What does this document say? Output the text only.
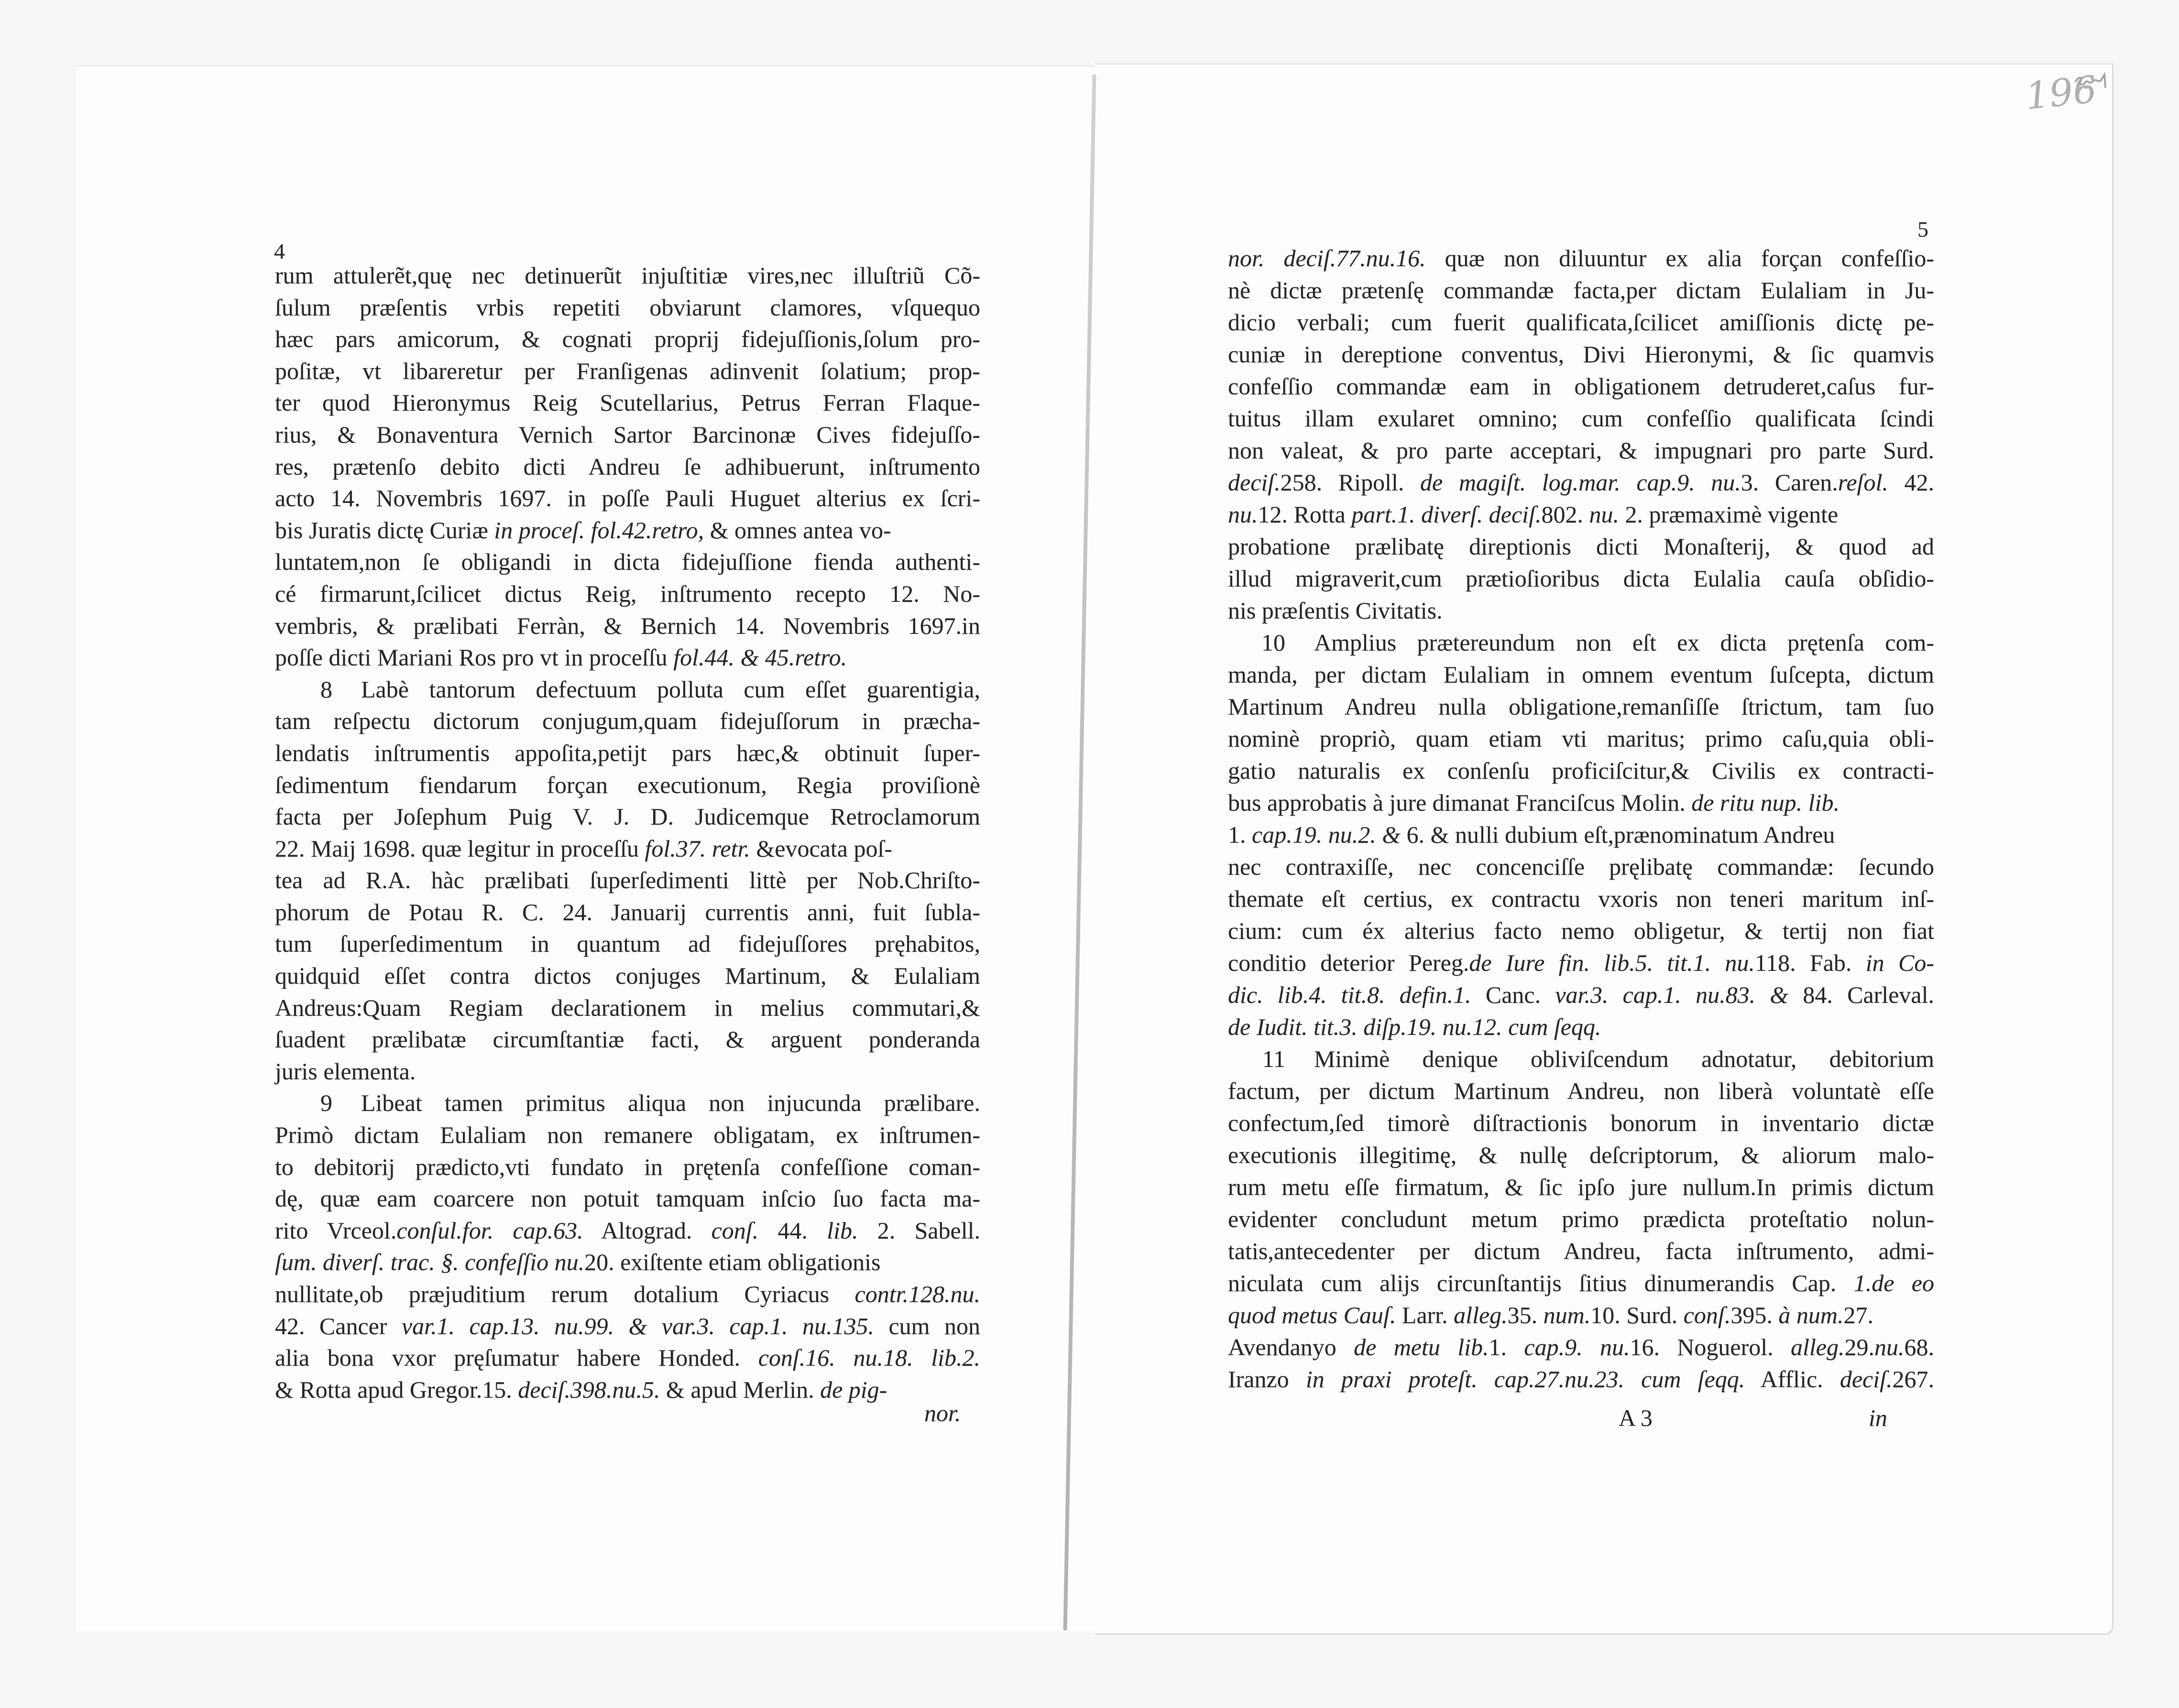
4
5
196
rum attulerẽt,quę nec detinuerũt injuſtitiæ vires,nec illuſtriũ Cõ-
ſulum præſentis vrbis repetiti obviarunt clamores, vſquequo
hæc pars amicorum, & cognati proprij fidejuſſionis,ſolum pro-
poſitæ, vt libareretur per Franſigenas adinvenit ſolatium; prop-
ter quod Hieronymus Reig Scutellarius, Petrus Ferran Flaque-
rius, & Bonaventura Vernich Sartor Barcinonæ Cives fidejuſſo-
res, prætenſo debito dicti Andreu ſe adhibuerunt, inſtrumento
acto 14. Novembris 1697. in poſſe Pauli Huguet alterius ex ſcri-
bis Juratis dictę Curiæ in proceſ. fol.42.retro, & omnes antea vo-
luntatem,non ſe obligandi in dicta fidejuſſione fienda authenti-
cé firmarunt,ſcilicet dictus Reig, inſtrumento recepto 12. No-
vembris, & prælibati Ferràn, & Bernich 14. Novembris 1697.in
poſſe dicti Mariani Ros pro vt in proceſſu fol.44. & 45.retro.
8	Labè tantorum defectuum polluta cum eſſet guarentigia,
tam reſpectu dictorum conjugum,quam fidejuſſorum in præcha-
lendatis inſtrumentis appoſita,petijt pars hæc,& obtinuit ſuper-
ſedimentum fiendarum forçan executionum, Regia proviſionè
facta per Joſephum Puig V. J. D. Judicemque Retroclamorum
22. Maij 1698. quæ legitur in proceſſu fol.37. retr. &evocata poſ-
tea ad R.A. hàc prælibati ſuperſedimenti littè per Nob.Chriſto-
phorum de Potau R. C. 24. Januarij currentis anni, fuit ſubla-
tum ſuperſedimentum in quantum ad fidejuſſores pręhabitos,
quidquid eſſet contra dictos conjuges Martinum, & Eulaliam
Andreus:Quam Regiam declarationem in melius commutari,&
ſuadent prælibatæ circumſtantiæ facti, & arguent ponderanda
juris elementa.
9	Libeat tamen primitus aliqua non injucunda prælibare.
Primò dictam Eulaliam non remanere obligatam, ex inſtrumen-
to debitorij prædicto,vti fundato in prętenſa confeſſione coman-
dę, quæ eam coarcere non potuit tamquam inſcio ſuo facta ma-
rito Vrceol.conſul.for. cap.63. Altograd. conſ. 44. lib. 2. Sabell.
ſum. diverſ. trac. §. confeſſio nu.20. exiſtente etiam obligationis
nullitate,ob præjuditium rerum dotalium Cyriacus contr.128.nu.
42. Cancer var.1. cap.13. nu.99. & var.3. cap.1. nu.135. cum non
alia bona vxor pręſumatur habere Honded. conſ.16. nu.18. lib.2.
& Rotta apud Gregor.15. deciſ.398.nu.5. & apud Merlin. de pig-
nor. deciſ.77.nu.16. quæ non diluuntur ex alia forçan confeſſio-
nè dictæ prætenſę commandæ facta,per dictam Eulaliam in Ju-
dicio verbali; cum fuerit qualificata,ſcilicet amiſſionis dictę pe-
cuniæ in dereptione conventus, Divi Hieronymi, & ſic quamvis
confeſſio commandæ eam in obligationem detruderet,caſus fur-
tuitus illam exularet omnino; cum confeſſio qualificata ſcindi
non valeat, & pro parte acceptari, & impugnari pro parte Surd.
deciſ.258. Ripoll. de magiſt. log.mar. cap.9. nu.3. Caren.reſol. 42.
nu.12. Rotta part.1. diverſ. deciſ.802. nu. 2. præmaximè vigente
probatione prælibatę direptionis dicti Monaſterij, & quod ad
illud migraverit,cum prætioſioribus dicta Eulalia cauſa obſidio-
nis præſentis Civitatis.
10	Amplius prætereundum non eſt ex dicta prętenſa com-
manda, per dictam Eulaliam in omnem eventum ſuſcepta, dictum
Martinum Andreu nulla obligatione,remanſiſſe ſtrictum, tam ſuo
nominè propriò, quam etiam vti maritus; primo caſu,quia obli-
gatio naturalis ex conſenſu proficiſcitur,& Civilis ex contracti-
bus approbatis à jure dimanat Franciſcus Molin. de ritu nup. lib.
1. cap.19. nu.2. & 6. & nulli dubium eſt,prænominatum Andreu
nec contraxiſſe, nec concenciſſe pręlibatę commandæ: ſecundo
themate eſt certius, ex contractu vxoris non teneri maritum inſ-
cium: cum éx alterius facto nemo obligetur, & tertij non fiat
conditio deterior Pereg.de Iure fin. lib.5. tit.1. nu.118. Fab. in Co-
dic. lib.4. tit.8. defin.1. Canc. var.3. cap.1. nu.83. & 84. Carleval.
de Iudit. tit.3. diſp.19. nu.12. cum ſeqq.
11	Minimè denique obliviſcendum adnotatur, debitorium
factum, per dictum Martinum Andreu, non liberà voluntatè eſſe
confectum,ſed timorè diſtractionis bonorum in inventario dictæ
executionis illegitimę, & nullę deſcriptorum, & aliorum malo-
rum metu eſſe firmatum, & ſic ipſo jure nullum.In primis dictum
evidenter concludunt metum primo prædicta proteſtatio nolun-
tatis,antecedenter per dictum Andreu, facta inſtrumento, admi-
niculata cum alijs circunſtantijs ſitius dinumerandis Cap. 1.de eo
quod metus Cauſ. Larr. alleg.35. num.10. Surd. conſ.395. à num.27.
Avendanyo de metu lib.1. cap.9. nu.16. Noguerol. alleg.29.nu.68.
Iranzo in praxi proteſt. cap.27.nu.23. cum ſeqq. Afflic. deciſ.267.
nor.	A 3	in
